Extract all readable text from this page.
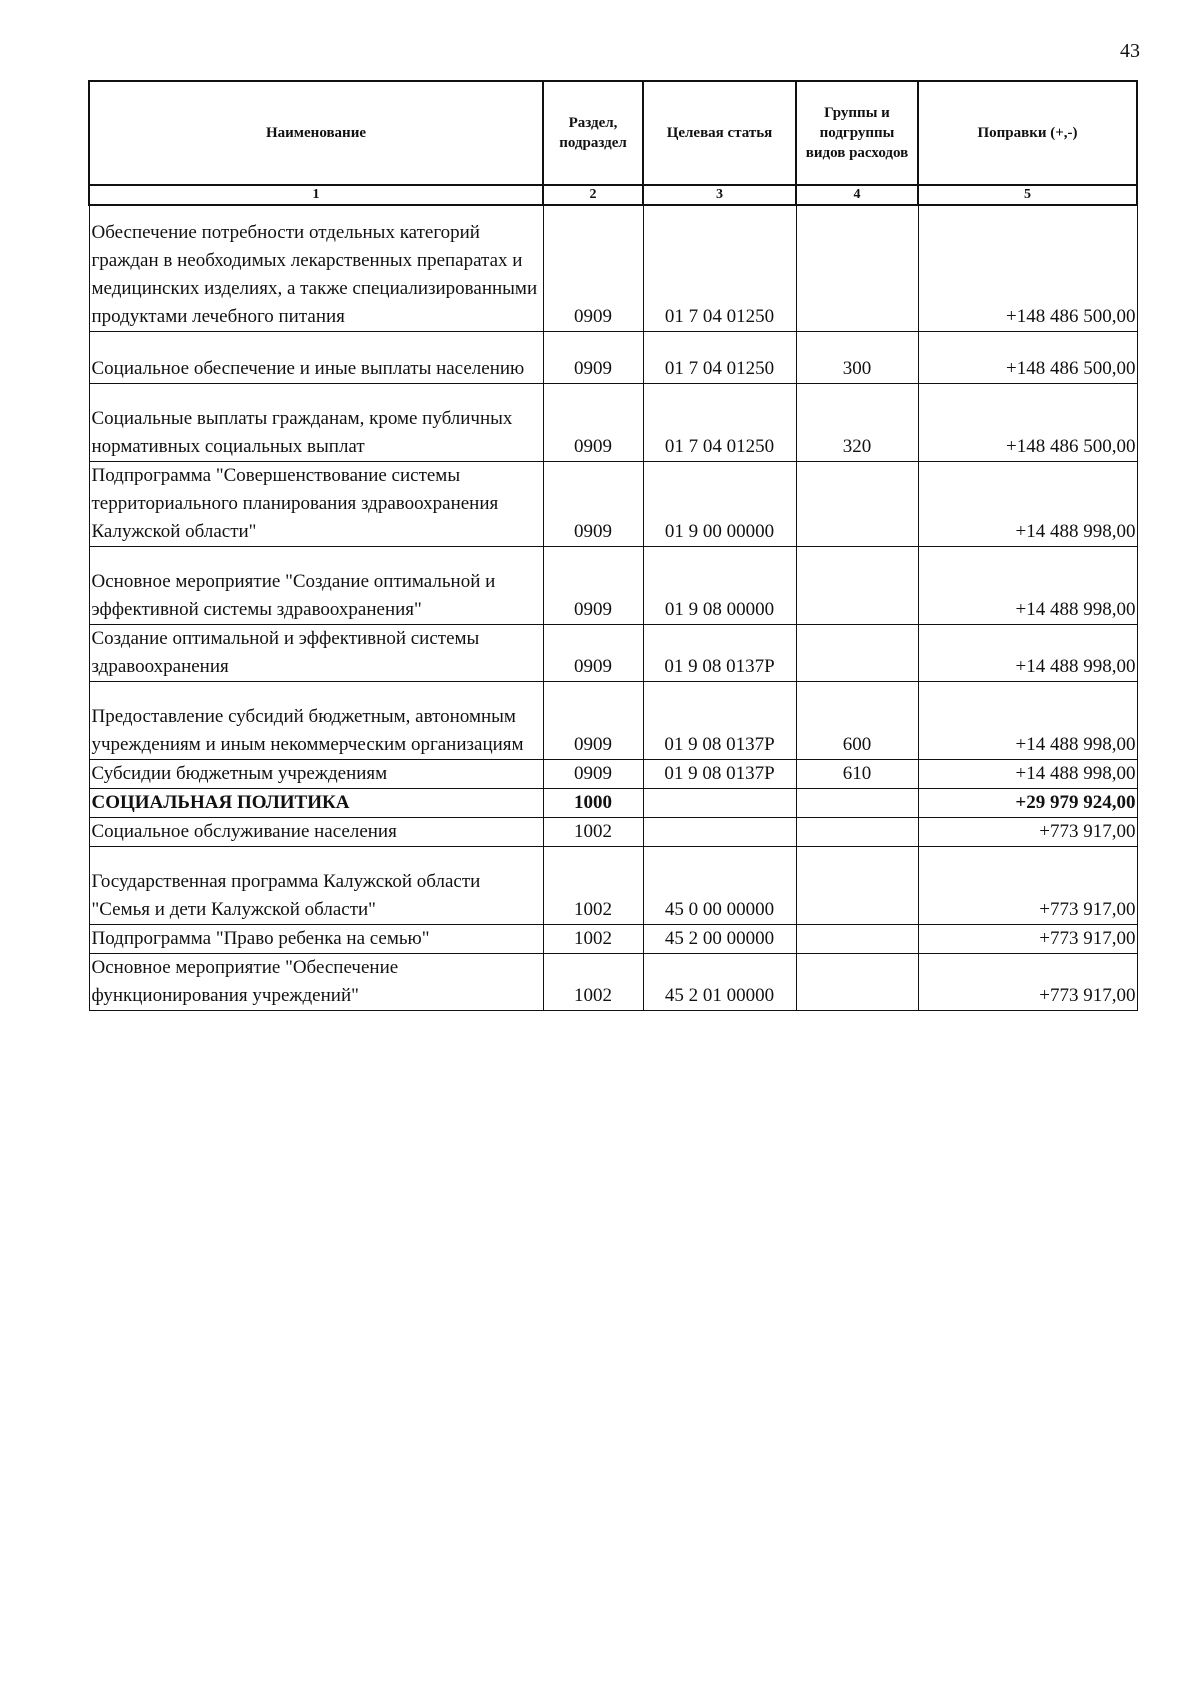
43
Наименование	Раздел, подраздел	Целевая статья	Группы и подгруппы видов расходов	Поправки (+,-)
1	2	3	4	5
Обеспечение потребности отдельных категорий граждан в необходимых лекарственных препаратах и медицинских изделиях, а также специализированными продуктами лечебного питания	0909	01 7 04 01250		+148 486 500,00
Социальное обеспечение и иные выплаты населению	0909	01 7 04 01250	300	+148 486 500,00
Социальные выплаты гражданам, кроме публичных нормативных социальных выплат	0909	01 7 04 01250	320	+148 486 500,00
Подпрограмма "Совершенствование системы территориального планирования здравоохранения Калужской области"	0909	01 9 00 00000		+14 488 998,00
Основное мероприятие "Создание оптимальной и эффективной системы здравоохранения"	0909	01 9 08 00000		+14 488 998,00
Создание оптимальной и эффективной системы здравоохранения	0909	01 9 08 0137Р		+14 488 998,00
Предоставление субсидий бюджетным, автономным учреждениям и иным некоммерческим организациям	0909	01 9 08 0137Р	600	+14 488 998,00
Субсидии бюджетным учреждениям	0909	01 9 08 0137Р	610	+14 488 998,00
СОЦИАЛЬНАЯ ПОЛИТИКА	1000			+29 979 924,00
Социальное обслуживание населения	1002			+773 917,00
Государственная программа Калужской области "Семья и дети Калужской области"	1002	45 0 00 00000		+773 917,00
Подпрограмма "Право ребенка на семью"	1002	45 2 00 00000		+773 917,00
Основное мероприятие "Обеспечение функционирования учреждений"	1002	45 2 01 00000		+773 917,00
